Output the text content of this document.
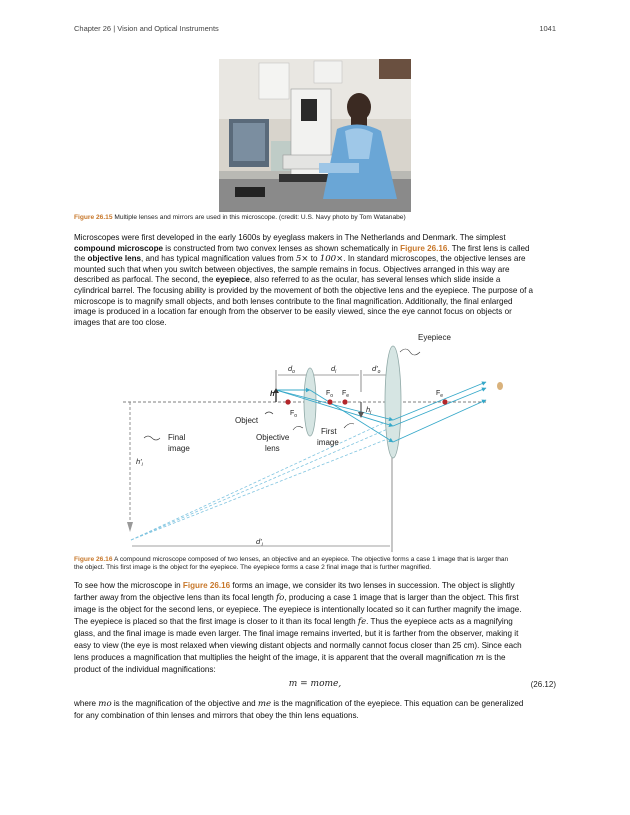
Chapter 26 | Vision and Optical Instruments	1041
Figure 26.15 Multiple lenses and mirrors are used in this microscope. (credit: U.S. Navy photo by Tom Watanabe)
Microscopes were first developed in the early 1600s by eyeglass makers in The Netherlands and Denmark. The simplest
compound microscope is constructed from two convex lenses as shown schematically in Figure 26.16. The first lens is called
the objective lens, and has typical magnification values from 5× to 100×. In standard microscopes, the objective lenses are
mounted such that when you switch between objectives, the sample remains in focus. Objectives arranged in this way are
described as parfocal. The second, the eyepiece, also referred to as the ocular, has several lenses which slide inside a
cylindrical barrel. The focusing ability is provided by the movement of both the objective lens and the eyepiece. The purpose of a
microscope is to magnify small objects, and both lenses contribute to the final magnification. Additionally, the final enlarged
image is produced in a location far enough from the observer to be easily viewed, since the eye cannot focus on objects or
images that are too close.
Eyepiece
$d_o$	$d_i$	$d'_o$
h
$F_o$
$F_o$ $F_e$	$F_e$
$h_i$
Object
Final
image
Objective
lens
First
image
$h'_i$
$d'_i$
Figure 26.16 A compound microscope composed of two lenses, an objective and an eyepiece. The objective forms a case 1 image that is larger than
the object. This first image is the object for the eyepiece. The eyepiece forms a case 2 final image that is further magnified.
To see how the microscope in Figure 26.16 forms an image, we consider its two lenses in succession. The object is slightly
farther away from the objective lens than its focal length fo, producing a case 1 image that is larger than the object. This first
image is the object for the second lens, or eyepiece. The eyepiece is intentionally located so it can further magnify the image.
The eyepiece is placed so that the first image is closer to it than its focal length fe. Thus the eyepiece acts as a magnifying
glass, and the final image is made even larger. The final image remains inverted, but it is farther from the observer, making it
easy to view (the eye is most relaxed when viewing distant objects and normally cannot focus closer than 25 cm). Since each
lens produces a magnification that multiplies the height of the image, it is apparent that the overall magnification m is the
product of the individual magnifications:
m = mome,	(26.12)
where mo is the magnification of the objective and me is the magnification of the eyepiece. This equation can be generalized
for any combination of thin lenses and mirrors that obey the thin lens equations.
